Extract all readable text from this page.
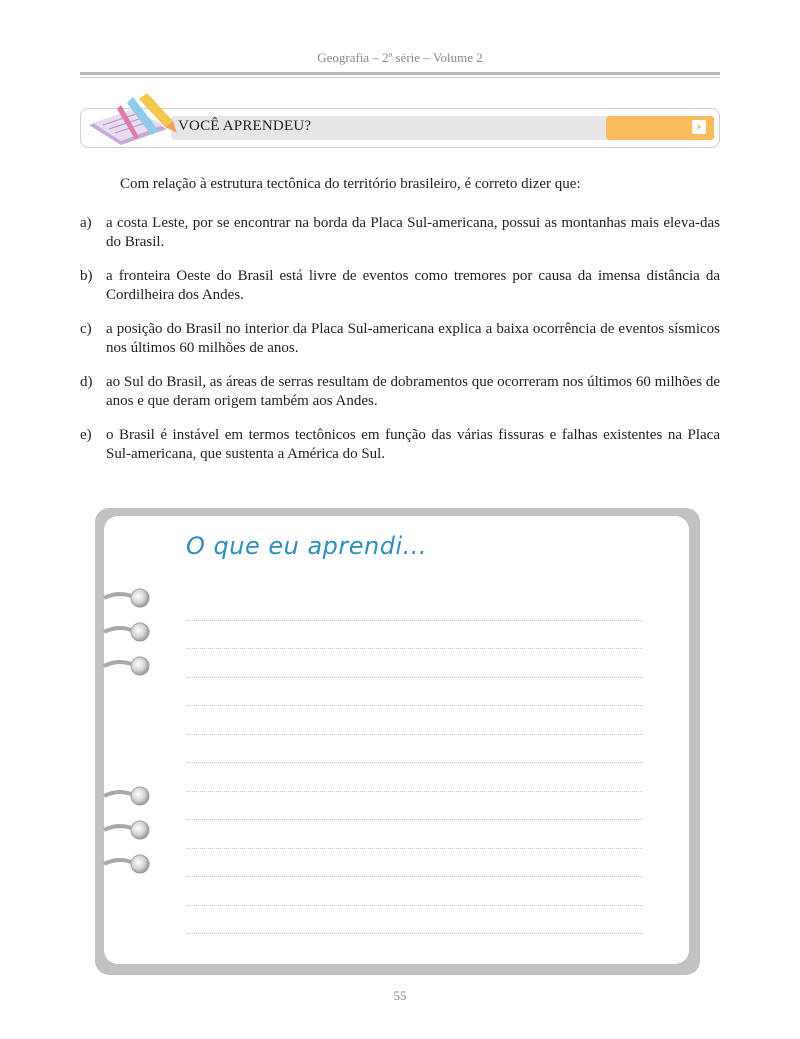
Geografia – 2ª série – Volume 2
VOCÊ APRENDEU?	›
Com relação à estrutura tectônica do território brasileiro, é correto dizer que:
a) a costa Leste, por se encontrar na borda da Placa Sul-americana, possui as montanhas mais eleva-das do Brasil.
b) a fronteira Oeste do Brasil está livre de eventos como tremores por causa da imensa distância da Cordilheira dos Andes.
c) a posição do Brasil no interior da Placa Sul-americana explica a baixa ocorrência de eventos sísmicos nos últimos 60 milhões de anos.
d) ao Sul do Brasil, as áreas de serras resultam de dobramentos que ocorreram nos últimos 60 milhões de anos e que deram origem também aos Andes.
e) o Brasil é instável em termos tectônicos em função das várias fissuras e falhas existentes na Placa Sul-americana, que sustenta a América do Sul.
O que eu aprendi...
55
